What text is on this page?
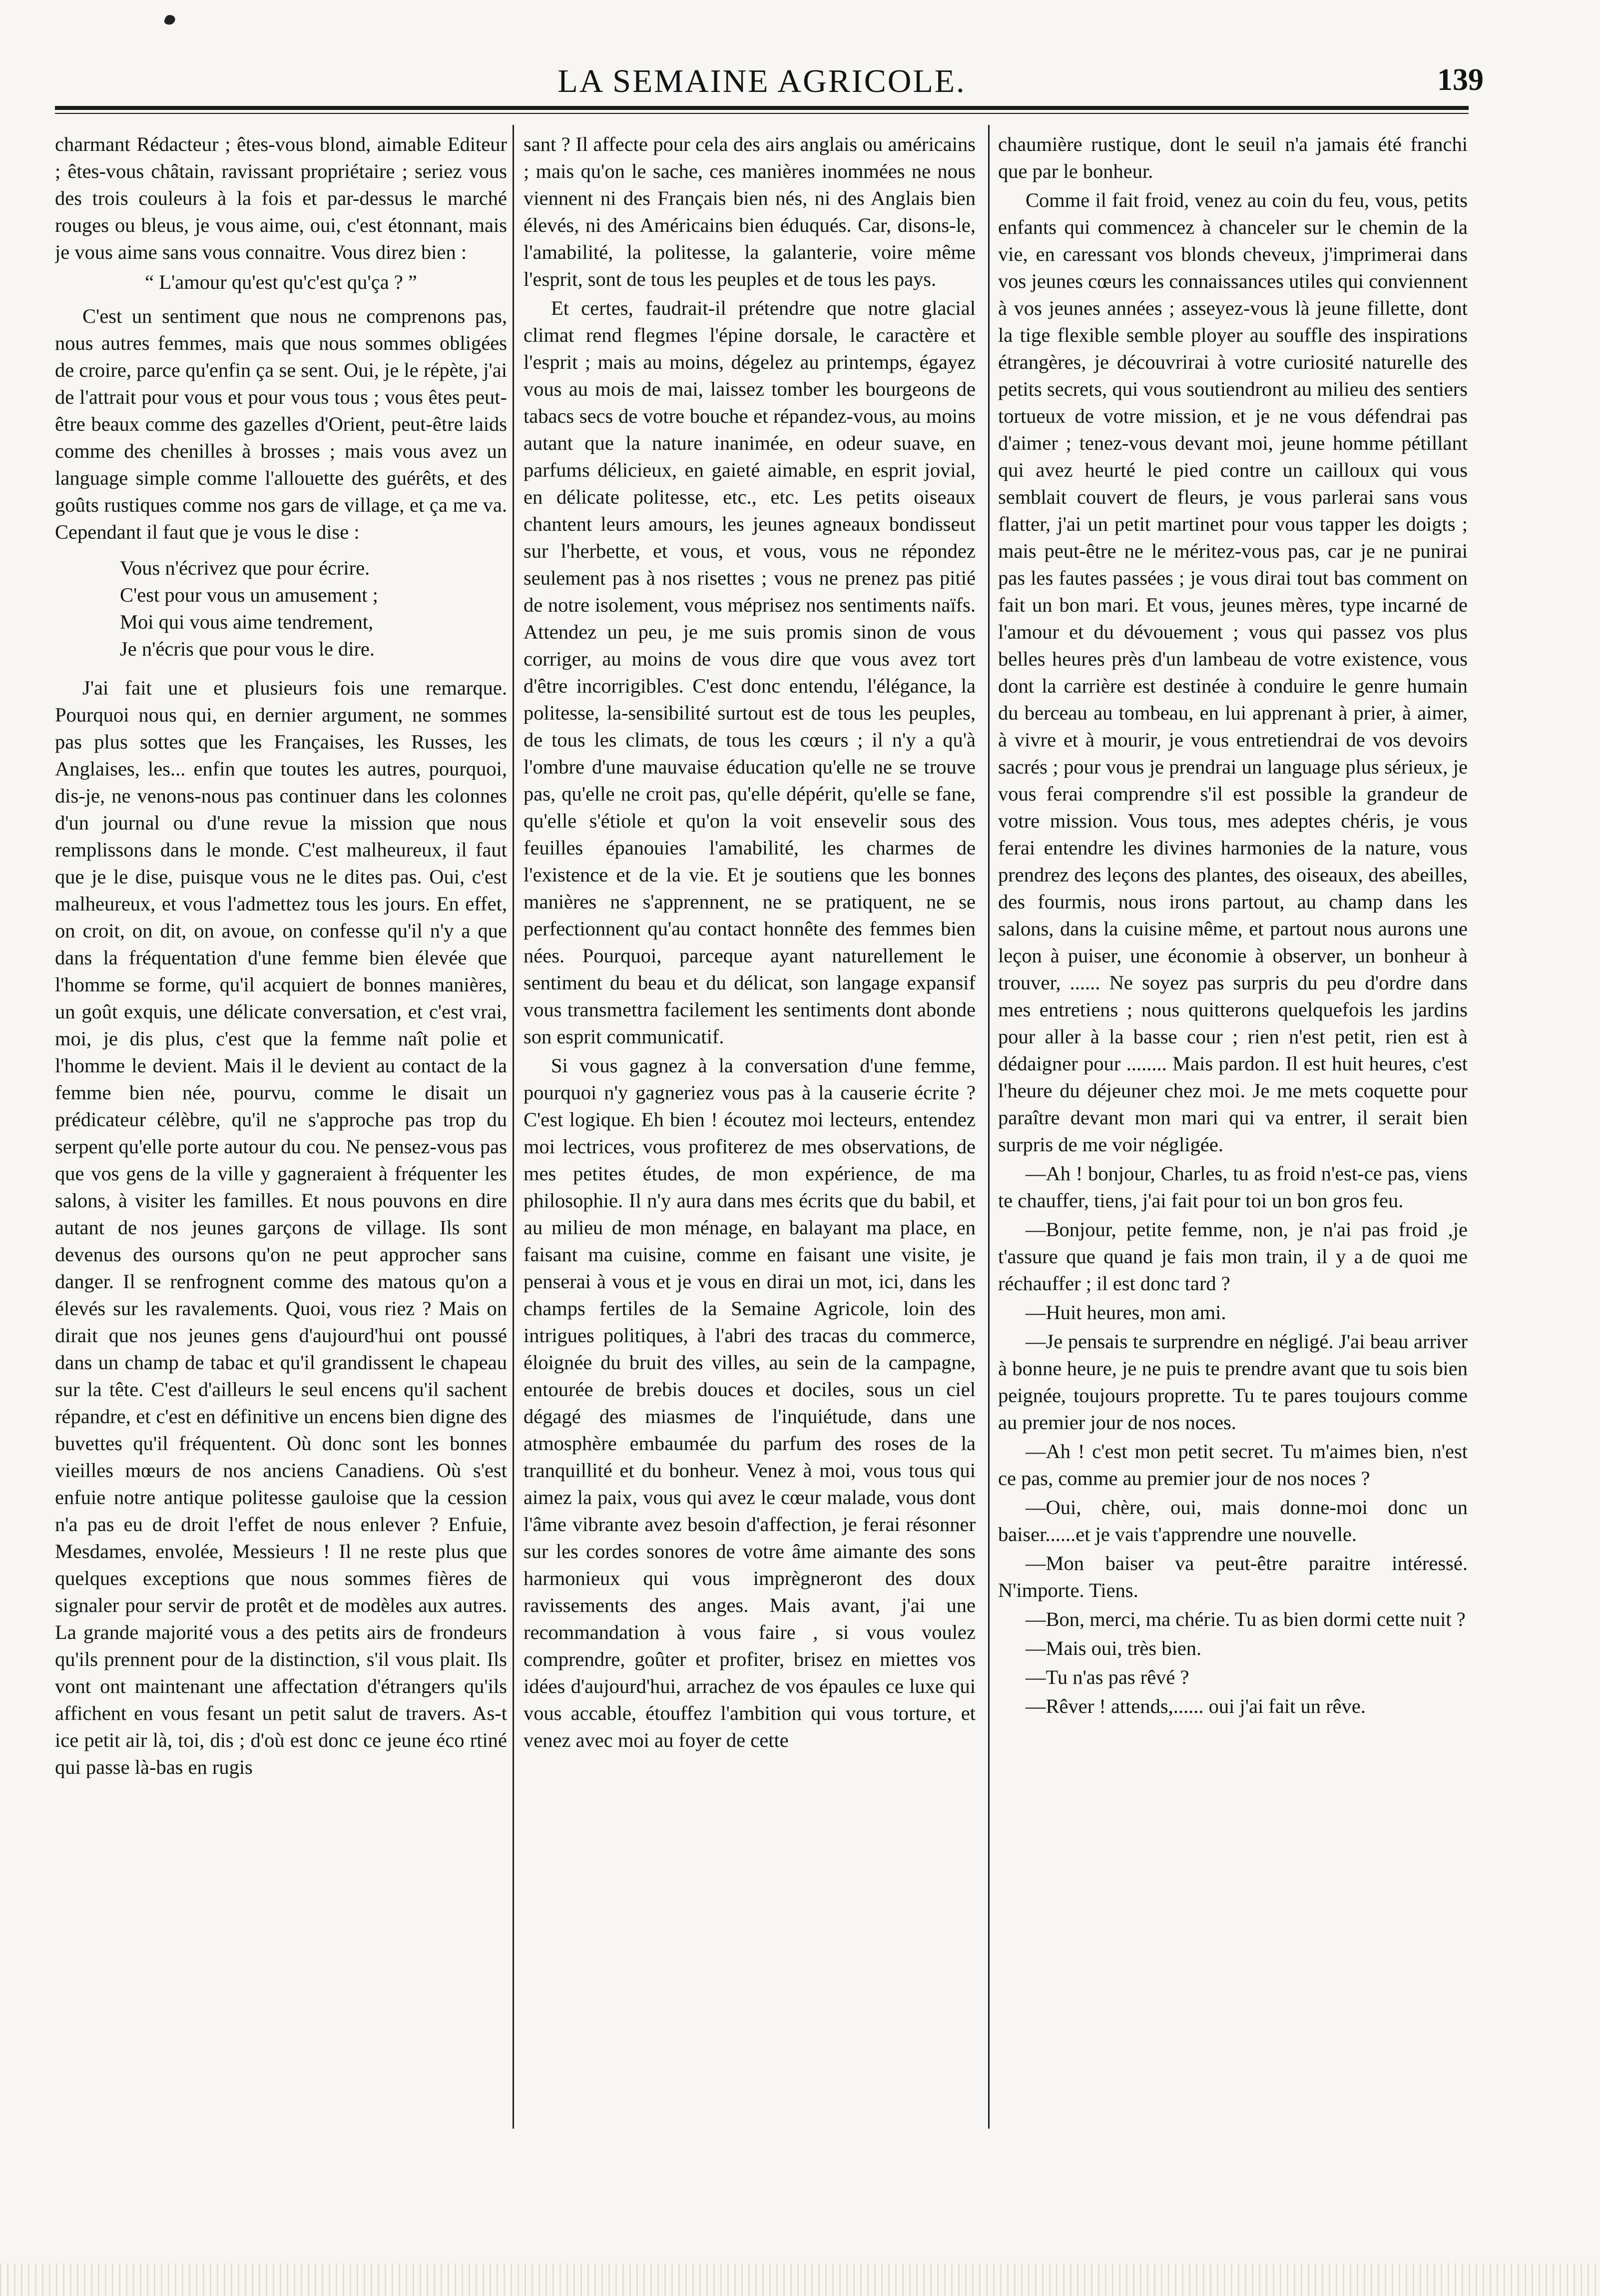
LA SEMAINE AGRICOLE.	139

charmant Rédacteur ; êtes-vous blond, aimable Editeur ; êtes-vous châtain, ravissant propriétaire ; seriez vous des trois couleurs à la fois et par-dessus le marché rouges ou bleus, je vous aime, oui, c'est étonnant, mais je vous aime sans vous connaitre. Vous direz bien :

“ L'amour qu'est qu'c'est qu'ça ? ”

C'est un sentiment que nous ne comprenons pas, nous autres femmes, mais que nous sommes obligées de croire, parce qu'enfin ça se sent. Oui, je le répète, j'ai de l'attrait pour vous et pour vous tous ; vous êtes peut-être beaux comme des gazelles d'Orient, peut-être laids comme des chenilles à brosses ; mais vous avez un language simple comme l'allouette des guérêts, et des goûts rustiques comme nos gars de village, et ça me va. Cependant il faut que je vous le dise :

Vous n'écrivez que pour écrire.
C'est pour vous un amusement ;
Moi qui vous aime tendrement,
Je n'écris que pour vous le dire.

J'ai fait une et plusieurs fois une remarque. Pourquoi nous qui, en dernier argument, ne sommes pas plus sottes que les Françaises, les Russes, les Anglaises, les... enfin que toutes les autres, pourquoi, dis-je, ne venons-nous pas continuer dans les colonnes d'un journal ou d'une revue la mission que nous remplissons dans le monde. C'est malheureux, il faut que je le dise, puisque vous ne le dites pas. Oui, c'est malheureux, et vous l'admettez tous les jours. En effet, on croit, on dit, on avoue, on confesse qu'il n'y a que dans la fréquentation d'une femme bien élevée que l'homme se forme, qu'il acquiert de bonnes manières, un goût exquis, une délicate conversation, et c'est vrai, moi, je dis plus, c'est que la femme naît polie et l'homme le devient. Mais il le devient au contact de la femme bien née, pourvu, comme le disait un prédicateur célèbre, qu'il ne s'approche pas trop du serpent qu'elle porte autour du cou. Ne pensez-vous pas que vos gens de la ville y gagneraient à fréquenter les salons, à visiter les familles. Et nous pouvons en dire autant de nos jeunes garçons de village. Ils sont devenus des oursons qu'on ne peut approcher sans danger. Il se renfrognent comme des matous qu'on a élevés sur les ravalements. Quoi, vous riez ? Mais on dirait que nos jeunes gens d'aujourd'hui ont poussé dans un champ de tabac et qu'il grandissent le chapeau sur la tête. C'est d'ailleurs le seul encens qu'il sachent répandre, et c'est en définitive un encens bien digne des buvettes qu'il fréquentent. Où donc sont les bonnes vieilles mœurs de nos anciens Canadiens. Où s'est enfuie notre antique politesse gauloise que la cession n'a pas eu de droit l'effet de nous enlever ? Enfuie, Mesdames, envolée, Messieurs ! Il ne reste plus que quelques exceptions que nous sommes fières de signaler pour servir de protêt et de modèles aux autres. La grande majorité vous a des petits airs de frondeurs qu'ils prennent pour de la distinction, s'il vous plait. Ils vont ont maintenant une affectation d'étrangers qu'ils affichent en vous fesant un petit salut de travers. As-t ice petit air là, toi, dis ; d'où est donc ce jeune éco rtiné qui passe là-bas en rugis

sant ? Il affecte pour cela des airs anglais ou américains ; mais qu'on le sache, ces manières inommées ne nous viennent ni des Français bien nés, ni des Anglais bien élevés, ni des Américains bien éduqués. Car, disons-le, l'amabilité, la politesse, la galanterie, voire même l'esprit, sont de tous les peuples et de tous les pays.

Et certes, faudrait-il prétendre que notre glacial climat rend flegmes l'épine dorsale, le caractère et l'esprit ; mais au moins, dégelez au printemps, égayez vous au mois de mai, laissez tomber les bourgeons de tabacs secs de votre bouche et répandez-vous, au moins autant que la nature inanimée, en odeur suave, en parfums délicieux, en gaieté aimable, en esprit jovial, en délicate politesse, etc., etc. Les petits oiseaux chantent leurs amours, les jeunes agneaux bondisseut sur l'herbette, et vous, et vous, vous ne répondez seulement pas à nos risettes ; vous ne prenez pas pitié de notre isolement, vous méprisez nos sentiments naïfs. Attendez un peu, je me suis promis sinon de vous corriger, au moins de vous dire que vous avez tort d'être incorrigibles. C'est donc entendu, l'élégance, la politesse, la-sensibilité surtout est de tous les peuples, de tous les climats, de tous les cœurs ; il n'y a qu'à l'ombre d'une mauvaise éducation qu'elle ne se trouve pas, qu'elle ne croit pas, qu'elle dépérit, qu'elle se fane, qu'elle s'étiole et qu'on la voit ensevelir sous des feuilles épanouies l'amabilité, les charmes de l'existence et de la vie. Et je soutiens que les bonnes manières ne s'apprennent, ne se pratiquent, ne se perfectionnent qu'au contact honnête des femmes bien nées. Pourquoi, parceque ayant naturellement le sentiment du beau et du délicat, son langage expansif vous transmettra facilement les sentiments dont abonde son esprit communicatif.

Si vous gagnez à la conversation d'une femme, pourquoi n'y gagneriez vous pas à la causerie écrite ? C'est logique. Eh bien ! écoutez moi lecteurs, entendez moi lectrices, vous profiterez de mes observations, de mes petites études, de mon expérience, de ma philosophie. Il n'y aura dans mes écrits que du babil, et au milieu de mon ménage, en balayant ma place, en faisant ma cuisine, comme en faisant une visite, je penserai à vous et je vous en dirai un mot, ici, dans les champs fertiles de la Semaine Agricole, loin des intrigues politiques, à l'abri des tracas du commerce, éloignée du bruit des villes, au sein de la campagne, entourée de brebis douces et dociles, sous un ciel dégagé des miasmes de l'inquiétude, dans une atmosphère embaumée du parfum des roses de la tranquillité et du bonheur. Venez à moi, vous tous qui aimez la paix, vous qui avez le cœur malade, vous dont l'âme vibrante avez besoin d'affection, je ferai résonner sur les cordes sonores de votre âme aimante des sons harmonieux qui vous imprègneront des doux ravissements des anges. Mais avant, j'ai une recommandation à vous faire , si vous voulez comprendre, goûter et profiter, brisez en miettes vos idées d'aujourd'hui, arrachez de vos épaules ce luxe qui vous accable, étouffez l'ambition qui vous torture, et venez avec moi au foyer de cette

chaumière rustique, dont le seuil n'a jamais été franchi que par le bonheur.

Comme il fait froid, venez au coin du feu, vous, petits enfants qui commencez à chanceler sur le chemin de la vie, en caressant vos blonds cheveux, j'imprimerai dans vos jeunes cœurs les connaissances utiles qui conviennent à vos jeunes années ; asseyez-vous là jeune fillette, dont la tige flexible semble ployer au souffle des inspirations étrangères, je découvrirai à votre curiosité naturelle des petits secrets, qui vous soutiendront au milieu des sentiers tortueux de votre mission, et je ne vous défendrai pas d'aimer ; tenez-vous devant moi, jeune homme pétillant qui avez heurté le pied contre un cailloux qui vous semblait couvert de fleurs, je vous parlerai sans vous flatter, j'ai un petit martinet pour vous tapper les doigts ; mais peut-être ne le méritez-vous pas, car je ne punirai pas les fautes passées ; je vous dirai tout bas comment on fait un bon mari. Et vous, jeunes mères, type incarné de l'amour et du dévouement ; vous qui passez vos plus belles heures près d'un lambeau de votre existence, vous dont la carrière est destinée à conduire le genre humain du berceau au tombeau, en lui apprenant à prier, à aimer, à vivre et à mourir, je vous entretiendrai de vos devoirs sacrés ; pour vous je prendrai un language plus sérieux, je vous ferai comprendre s'il est possible la grandeur de votre mission. Vous tous, mes adeptes chéris, je vous ferai entendre les divines harmonies de la nature, vous prendrez des leçons des plantes, des oiseaux, des abeilles, des fourmis, nous irons partout, au champ dans les salons, dans la cuisine même, et partout nous aurons une leçon à puiser, une économie à observer, un bonheur à trouver, ...... Ne soyez pas surpris du peu d'ordre dans mes entretiens ; nous quitterons quelquefois les jardins pour aller à la basse cour ; rien n'est petit, rien est à dédaigner pour ........ Mais pardon. Il est huit heures, c'est l'heure du déjeuner chez moi. Je me mets coquette pour paraître devant mon mari qui va entrer, il serait bien surpris de me voir négligée.

—Ah ! bonjour, Charles, tu as froid n'est-ce pas, viens te chauffer, tiens, j'ai fait pour toi un bon gros feu.

—Bonjour, petite femme, non, je n'ai pas froid ,je t'assure que quand je fais mon train, il y a de quoi me réchauffer ; il est donc tard ?

—Huit heures, mon ami.

—Je pensais te surprendre en négligé. J'ai beau arriver à bonne heure, je ne puis te prendre avant que tu sois bien peignée, toujours proprette. Tu te pares toujours comme au premier jour de nos noces.

—Ah ! c'est mon petit secret. Tu m'aimes bien, n'est ce pas, comme au premier jour de nos noces ?

—Oui, chère, oui, mais donne-moi donc un baiser......et je vais t'apprendre une nouvelle.

—Mon baiser va peut-être paraitre intéressé. N'importe. Tiens.

—Bon, merci, ma chérie. Tu as bien dormi cette nuit ?

—Mais oui, très bien.

—Tu n'as pas rêvé ?

—Rêver ! attends,...... oui j'ai fait un rêve.
